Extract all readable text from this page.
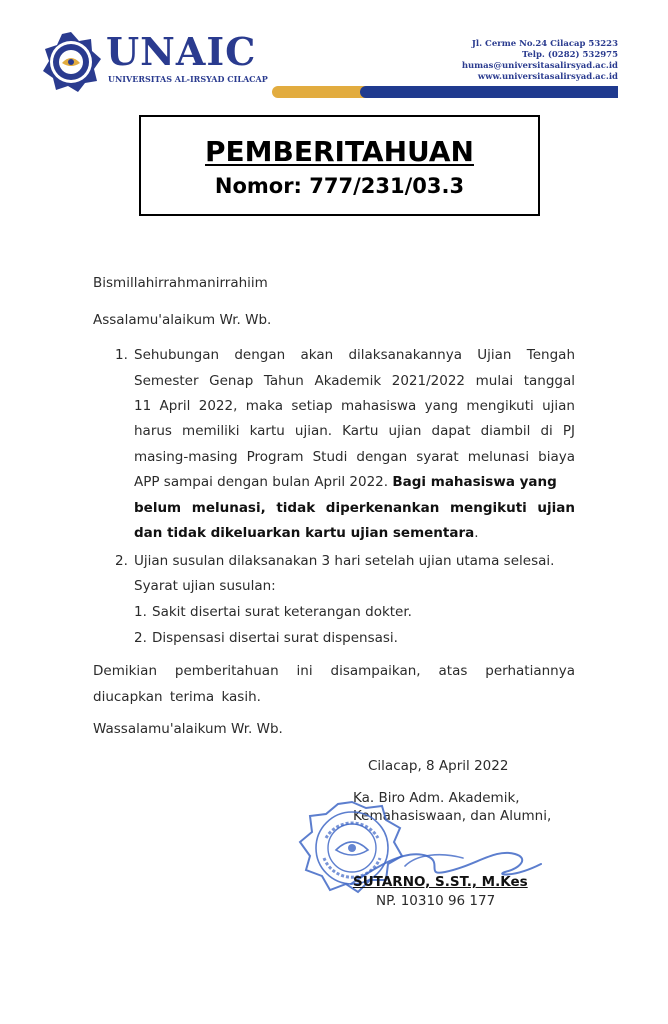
UNAIC
UNIVERSITAS AL-IRSYAD CILACAP
Jl. Cerme No.24 Cilacap 53223
Telp. (0282) 532975
humas@universitasalirsyad.ac.id
www.universitasalirsyad.ac.id
PEMBERITAHUAN
Nomor: 777/231/03.3
Bismillahirrahmanirrahiim
Assalamu'alaikum Wr. Wb.
1. Sehubungan dengan akan dilaksanakannya Ujian Tengah
Semester Genap Tahun Akademik 2021/2022 mulai tanggal
11 April 2022, maka setiap mahasiswa yang mengikuti ujian
harus memiliki kartu ujian. Kartu ujian dapat diambil di PJ
masing-masing Program Studi dengan syarat melunasi biaya
APP sampai dengan bulan April 2022. Bagi mahasiswa yang
belum melunasi, tidak diperkenankan mengikuti ujian
dan tidak dikeluarkan kartu ujian sementara.
2. Ujian susulan dilaksanakan 3 hari setelah ujian utama selesai.
Syarat ujian susulan:
1. Sakit disertai surat keterangan dokter.
2. Dispensasi disertai surat dispensasi.
Demikian pemberitahuan ini disampaikan, atas perhatiannya
diucapkan terima kasih.
Wassalamu'alaikum Wr. Wb.
Cilacap, 8 April 2022
Ka. Biro Adm. Akademik,
Kemahasiswaan, dan Alumni,
SUTARNO, S.ST., M.Kes
NP. 10310 96 177
